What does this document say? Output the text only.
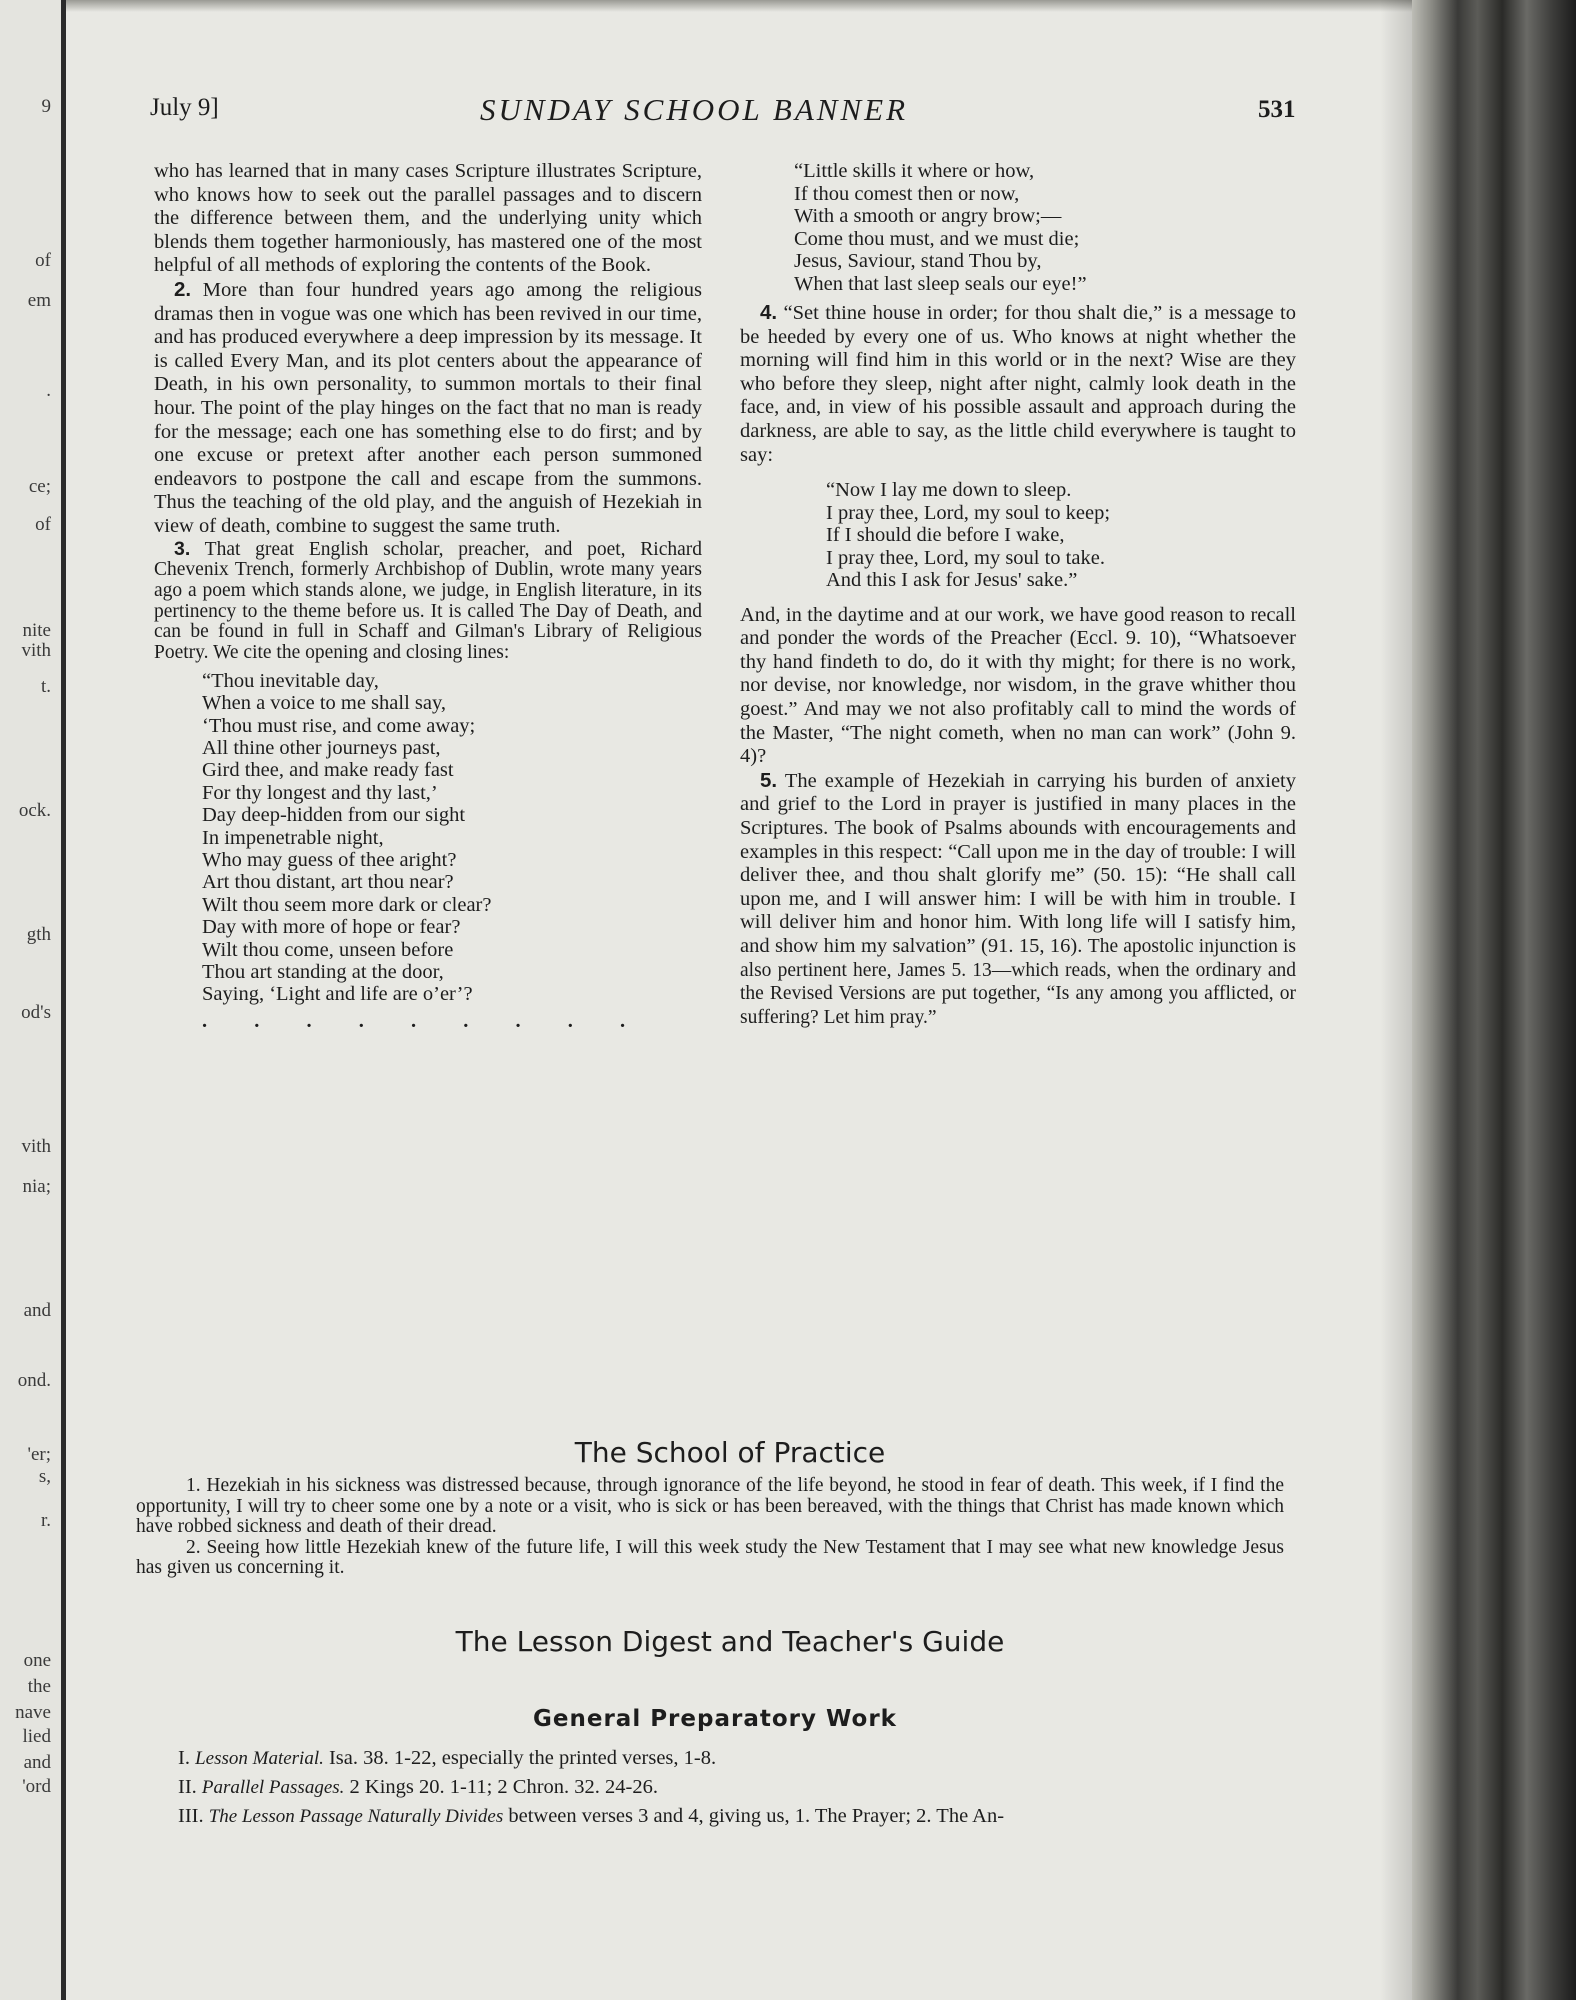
9
of
em
.
ce;
of
nite
vith
t.
ock.
gth
od's
vith
nia;
and
ond.
'er;
s,
r.
one
the
nave
lied
and
'ord
July 9]	SUNDAY SCHOOL BANNER	531

who has learned that in many cases Scripture illustrates Scripture, who knows how to seek out the parallel passages and to discern the difference between them, and the underlying unity which blends them together harmoniously, has mastered one of the most helpful of all methods of exploring the contents of the Book.

2. More than four hundred years ago among the religious dramas then in vogue was one which has been revived in our time, and has produced everywhere a deep impression by its message. It is called Every Man, and its plot centers about the appearance of Death, in his own personality, to summon mortals to their final hour. The point of the play hinges on the fact that no man is ready for the message; each one has something else to do first; and by one excuse or pretext after another each person summoned endeavors to postpone the call and escape from the summons. Thus the teaching of the old play, and the anguish of Hezekiah in view of death, combine to suggest the same truth.

3. That great English scholar, preacher, and poet, Richard Chevenix Trench, formerly Archbishop of Dublin, wrote many years ago a poem which stands alone, we judge, in English literature, in its pertinency to the theme before us. It is called The Day of Death, and can be found in full in Schaff and Gilman's Library of Religious Poetry. We cite the opening and closing lines:

“Thou inevitable day,
When a voice to me shall say,
‘Thou must rise, and come away;
All thine other journeys past,
Gird thee, and make ready fast
For thy longest and thy last,’
Day deep-hidden from our sight
In impenetrable night,
Who may guess of thee aright?
Art thou distant, art thou near?
Wilt thou seem more dark or clear?
Day with more of hope or fear?
Wilt thou come, unseen before
Thou art standing at the door,
Saying, ‘Light and life are o’er’?
. . . . . . . . .
“Little skills it where or how,
If thou comest then or now,
With a smooth or angry brow;—
Come thou must, and we must die;
Jesus, Saviour, stand Thou by,
When that last sleep seals our eye!”

4. “Set thine house in order; for thou shalt die,” is a message to be heeded by every one of us. Who knows at night whether the morning will find him in this world or in the next? Wise are they who before they sleep, night after night, calmly look death in the face, and, in view of his possible assault and approach during the darkness, are able to say, as the little child everywhere is taught to say:

“Now I lay me down to sleep.
I pray thee, Lord, my soul to keep;
If I should die before I wake,
I pray thee, Lord, my soul to take.
And this I ask for Jesus' sake.”

And, in the daytime and at our work, we have good reason to recall and ponder the words of the Preacher (Eccl. 9. 10), “Whatsoever thy hand findeth to do, do it with thy might; for there is no work, nor devise, nor knowledge, nor wisdom, in the grave whither thou goest.” And may we not also profitably call to mind the words of the Master, “The night cometh, when no man can work” (John 9. 4)?

5. The example of Hezekiah in carrying his burden of anxiety and grief to the Lord in prayer is justified in many places in the Scriptures. The book of Psalms abounds with encouragements and examples in this respect: “Call upon me in the day of trouble: I will deliver thee, and thou shalt glorify me” (50. 15): “He shall call upon me, and I will answer him: I will be with him in trouble. I will deliver him and honor him. With long life will I satisfy him, and show him my salvation” (91. 15, 16). The apostolic injunction is also pertinent here, James 5. 13—which reads, when the ordinary and the Revised Versions are put together, “Is any among you afflicted, or suffering? Let him pray.”

The School of Practice

1. Hezekiah in his sickness was distressed because, through ignorance of the life beyond, he stood in fear of death. This week, if I find the opportunity, I will try to cheer some one by a note or a visit, who is sick or has been bereaved, with the things that Christ has made known which have robbed sickness and death of their dread.

2. Seeing how little Hezekiah knew of the future life, I will this week study the New Testament that I may see what new knowledge Jesus has given us concerning it.

The Lesson Digest and Teacher's Guide
General Preparatory Work
I. Lesson Material. Isa. 38. 1-22, especially the printed verses, 1-8.
II. Parallel Passages. 2 Kings 20. 1-11; 2 Chron. 32. 24-26.
III. The Lesson Passage Naturally Divides between verses 3 and 4, giving us, 1. The Prayer; 2. The An-
